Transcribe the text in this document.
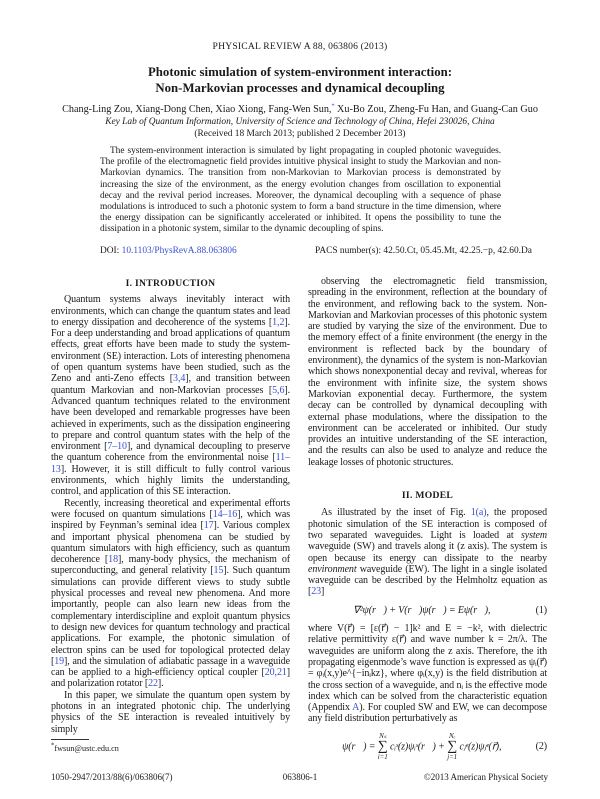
PHYSICAL REVIEW A 88, 063806 (2013)
Photonic simulation of system-environment interaction:
Non-Markovian processes and dynamical decoupling
Chang-Ling Zou, Xiang-Dong Chen, Xiao Xiong, Fang-Wen Sun,* Xu-Bo Zou, Zheng-Fu Han, and Guang-Can Guo
Key Lab of Quantum Information, University of Science and Technology of China, Hefei 230026, China
(Received 18 March 2013; published 2 December 2013)
The system-environment interaction is simulated by light propagating in coupled photonic waveguides. The profile of the electromagnetic field provides intuitive physical insight to study the Markovian and non-Markovian dynamics. The transition from non-Markovian to Markovian process is demonstrated by increasing the size of the environment, as the energy evolution changes from oscillation to exponential decay and the revival period increases. Moreover, the dynamical decoupling with a sequence of phase modulations is introduced to such a photonic system to form a band structure in the time dimension, where the energy dissipation can be significantly accelerated or inhibited. It opens the possibility to tune the dissipation in a photonic system, similar to the dynamic decoupling of spins.
DOI: 10.1103/PhysRevA.88.063806	PACS number(s): 42.50.Ct, 05.45.Mt, 42.25.−p, 42.60.Da
I. INTRODUCTION

Quantum systems always inevitably interact with environments, which can change the quantum states and lead to energy dissipation and decoherence of the systems [1,2]. For a deep understanding and broad applications of quantum effects, great efforts have been made to study the system-environment (SE) interaction. Lots of interesting phenomena of open quantum systems have been studied, such as the Zeno and anti-Zeno effects [3,4], and transition between quantum Markovian and non-Markovian processes [5,6]. Advanced quantum techniques related to the environment have been developed and remarkable progresses have been achieved in experiments, such as the dissipation engineering to prepare and control quantum states with the help of the environment [7–10], and dynamical decoupling to preserve the quantum coherence from the environmental noise [11–13]. However, it is still difficult to fully control various environments, which highly limits the understanding, control, and application of this SE interaction.

Recently, increasing theoretical and experimental efforts were focused on quantum simulations [14–16], which was inspired by Feynman’s seminal idea [17]. Various complex and important physical phenomena can be studied by quantum simulators with high efficiency, such as quantum decoherence [18], many-body physics, the mechanism of superconducting, and general relativity [15]. Such quantum simulations can provide different views to study subtle physical processes and reveal new phenomena. And more importantly, people can also learn new ideas from the complementary interdiscipline and exploit quantum physics to design new devices for quantum technology and practical applications. For example, the photonic simulation of electron spins can be used for topological protected delay [19], and the simulation of adiabatic passage in a waveguide can be applied to a high-efficiency optical coupler [20,21] and polarization rotator [22].

In this paper, we simulate the quantum open system by photons in an integrated photonic chip. The underlying physics of the SE interaction is revealed intuitively by simply

observing the electromagnetic field transmission, spreading in the environment, reflection at the boundary of the environment, and reflowing back to the system. Non-Markovian and Markovian processes of this photonic system are studied by varying the size of the environment. Due to the memory effect of a finite environment (the energy in the environment is reflected back by the boundary of environment), the dynamics of the system is non-Markovian which shows nonexponential decay and revival, whereas for the environment with infinite size, the system shows Markovian exponential decay. Furthermore, the system decay can be controlled by dynamical decoupling with external phase modulations, where the dissipation to the environment can be accelerated or inhibited. Our study provides an intuitive understanding of the SE interaction, and the results can also be used to analyze and reduce the leakage losses of photonic structures.

II. MODEL

As illustrated by the inset of Fig. 1(a), the proposed photonic simulation of the SE interaction is composed of two separated waveguides. Light is loaded at system waveguide (SW) and travels along it (z axis). The system is open because its energy can dissipate to the nearby environment waveguide (EW). The light in a single isolated waveguide can be described by the Helmholtz equation as [23]

∇²ψ(r⃗) + V(r⃗)ψ(r⃗) = Eψ(r⃗),	(1)

where V(r⃗) = [ε(r⃗) − 1]k² and E = −k², with dielectric relative permittivity ε(r⃗) and wave number k = 2π/λ. The waveguides are uniform along the z axis. Therefore, the ith propagating eigenmode’s wave function is expressed as ψᵢ(r⃗) = φᵢ(x,y)e^{−inᵢkz}, where φᵢ(x,y) is the field distribution at the cross section of a waveguide, and nᵢ is the effective mode index which can be solved from the characteristic equation (Appendix A). For coupled SW and EW, we can decompose any field distribution perturbatively as

ψ(r⃗) =
Nₛ
∑
i=1
cᵢˢ(z)ψᵢˢ(r⃗) +
Nₑ
∑
j=1
cⱼᵉ(z)ψⱼᵉ(r⃗),	(2)
*fwsun@ustc.edu.cn
1050-2947/2013/88(6)/063806(7)	063806-1	©2013 American Physical Society
